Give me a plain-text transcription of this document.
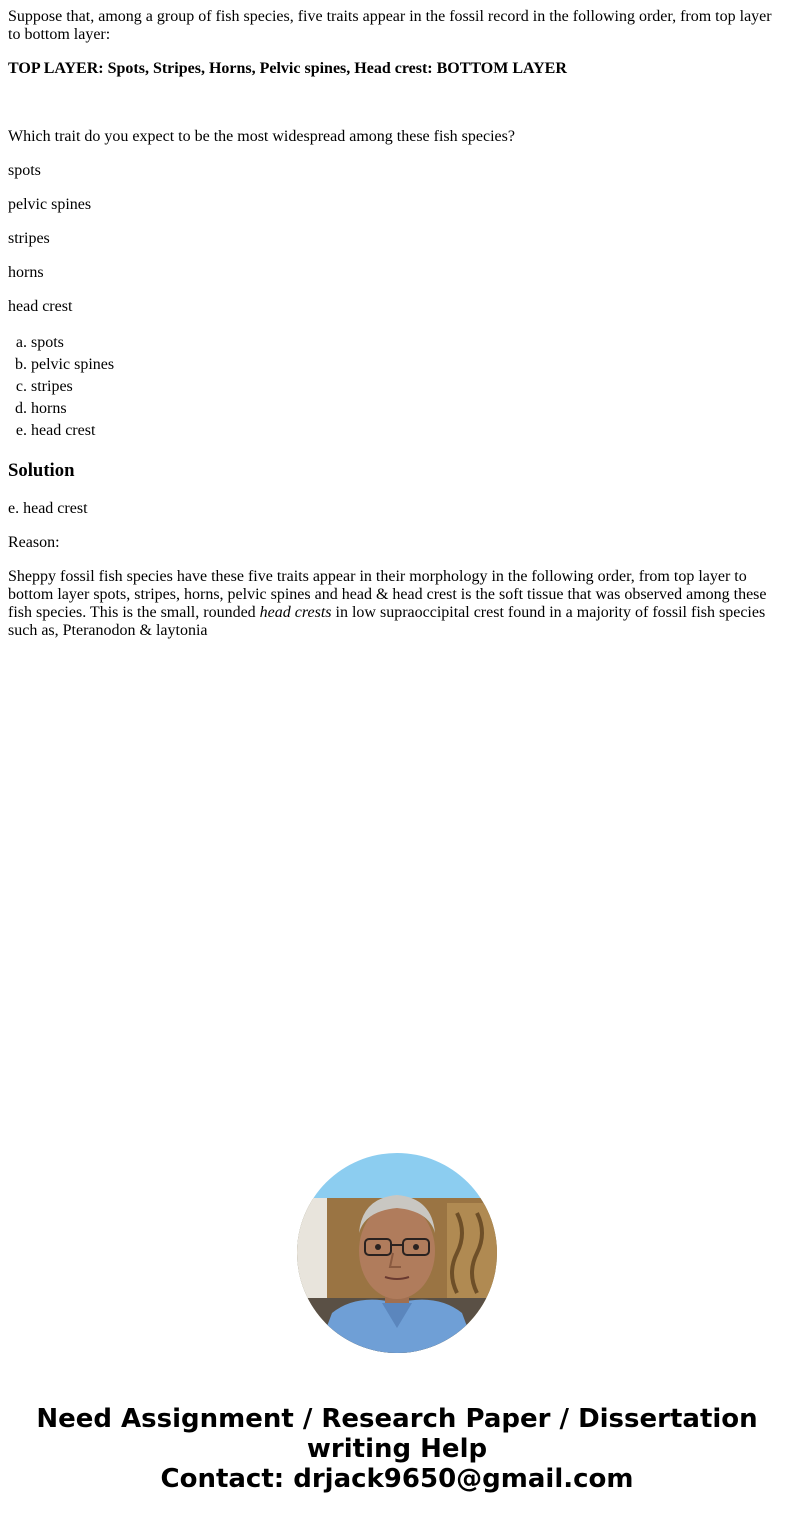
Suppose that, among a group of fish species, five traits appear in the fossil record in the following order, from top layer to bottom layer:

TOP LAYER: Spots, Stripes, Horns, Pelvic spines, Head crest: BOTTOM LAYER

Which trait do you expect to be the most widespread among these fish species?

spots

pelvic spines

stripes

horns

head crest

a. spots
b. pelvic spines
c. stripes
d. horns
e. head crest
Solution

e. head crest

Reason:

Sheppy fossil fish species have these five traits appear in their morphology in the following order, from top layer to bottom layer spots, stripes, horns, pelvic spines and head & head crest is the soft tissue that was observed among these fish species. This is the small, rounded head crests in low supraoccipital crest found in a majority of fossil fish species such as, Pteranodon & laytonia

Need Assignment / Research Paper / Dissertation
writing Help
Contact: drjack9650@gmail.com
